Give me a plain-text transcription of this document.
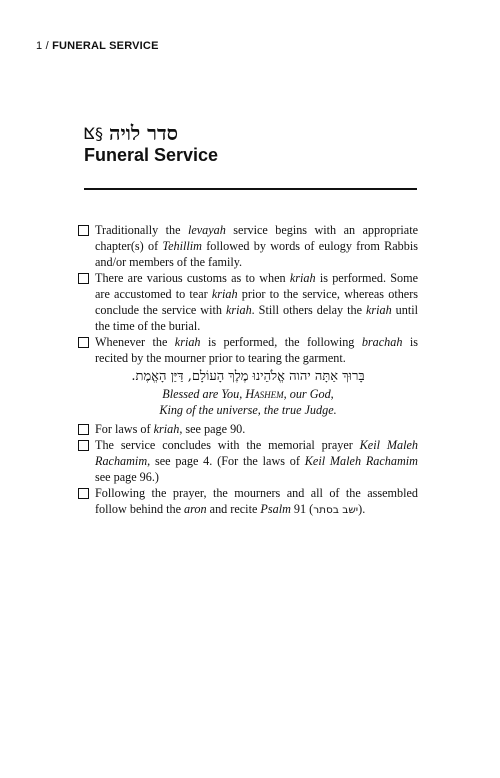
1 / FUNERAL SERVICE
ⴿ§ סדר לויה
Funeral Service
Traditionally the levayah service begins with an appropriate chapter(s) of Tehillim followed by words of eulogy from Rabbis and/or members of the family.
There are various customs as to when kriah is performed. Some are accustomed to tear kriah prior to the service, whereas others conclude the service with kriah. Still others delay the kriah until the time of the burial.
Whenever the kriah is performed, the following brachah is recited by the mourner prior to tearing the garment.
בָּרוּךְ אַתָּה יהוה אֱלֹהֵינוּ מֶלֶךְ הָעוֹלָם, דַּיַּן הָאֱמֶת.
Blessed are You, Hashem, our God,
King of the universe, the true Judge.
For laws of kriah, see page 90.
The service concludes with the memorial prayer Keil Maleh Rachamim, see page 4. (For the laws of Keil Maleh Rachamim see page 96.)
Following the prayer, the mourners and all of the assembled follow behind the aron and recite Psalm 91 (ישב בסתר).
